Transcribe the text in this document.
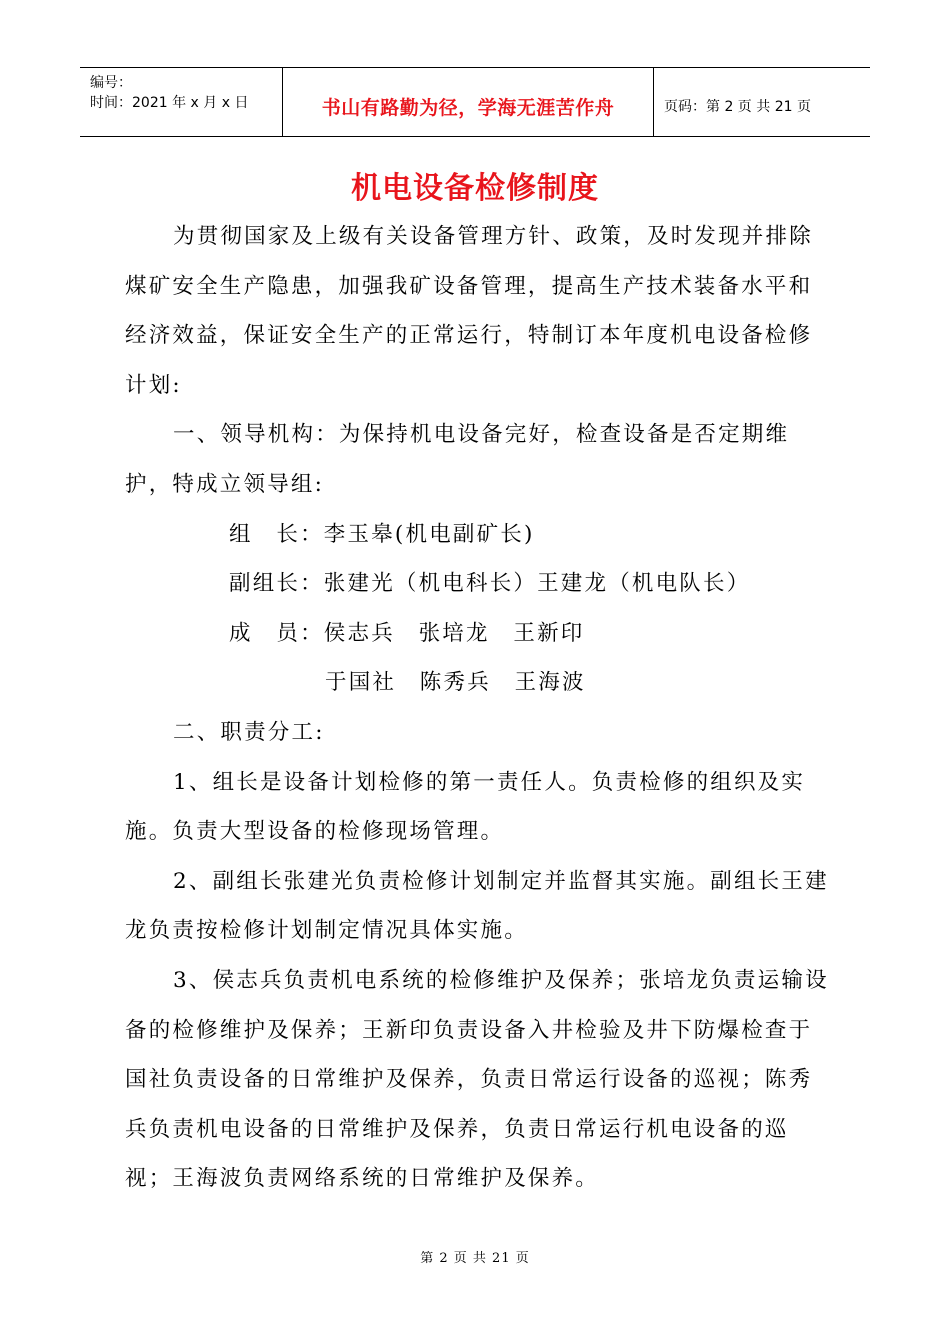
编号：
时间：2021 年 x 月 x 日	书山有路勤为径，学海无涯苦作舟	页码：第 2 页 共 21 页
机电设备检修制度

为贯彻国家及上级有关设备管理方针、政策，及时发现并排除煤矿安全生产隐患，加强我矿设备管理，提高生产技术装备水平和经济效益，保证安全生产的正常运行，特制订本年度机电设备检修计划:

一、领导机构：为保持机电设备完好，检查设备是否定期维护，特成立领导组:

组　长：李玉皋(机电副矿长)

副组长：张建光（机电科长）王建龙（机电队长）

成　员：侯志兵　张培龙　王新印

于国社　陈秀兵　王海波

二、职责分工:

1、组长是设备计划检修的第一责任人。负责检修的组织及实施。负责大型设备的检修现场管理。

2、副组长张建光负责检修计划制定并监督其实施。副组长王建龙负责按检修计划制定情况具体实施。

3、侯志兵负责机电系统的检修维护及保养；张培龙负责运输设备的检修维护及保养；王新印负责设备入井检验及井下防爆检查于国社负责设备的日常维护及保养，负责日常运行设备的巡视；陈秀兵负责机电设备的日常维护及保养，负责日常运行机电设备的巡视；王海波负责网络系统的日常维护及保养。

第 2 页 共 21 页
